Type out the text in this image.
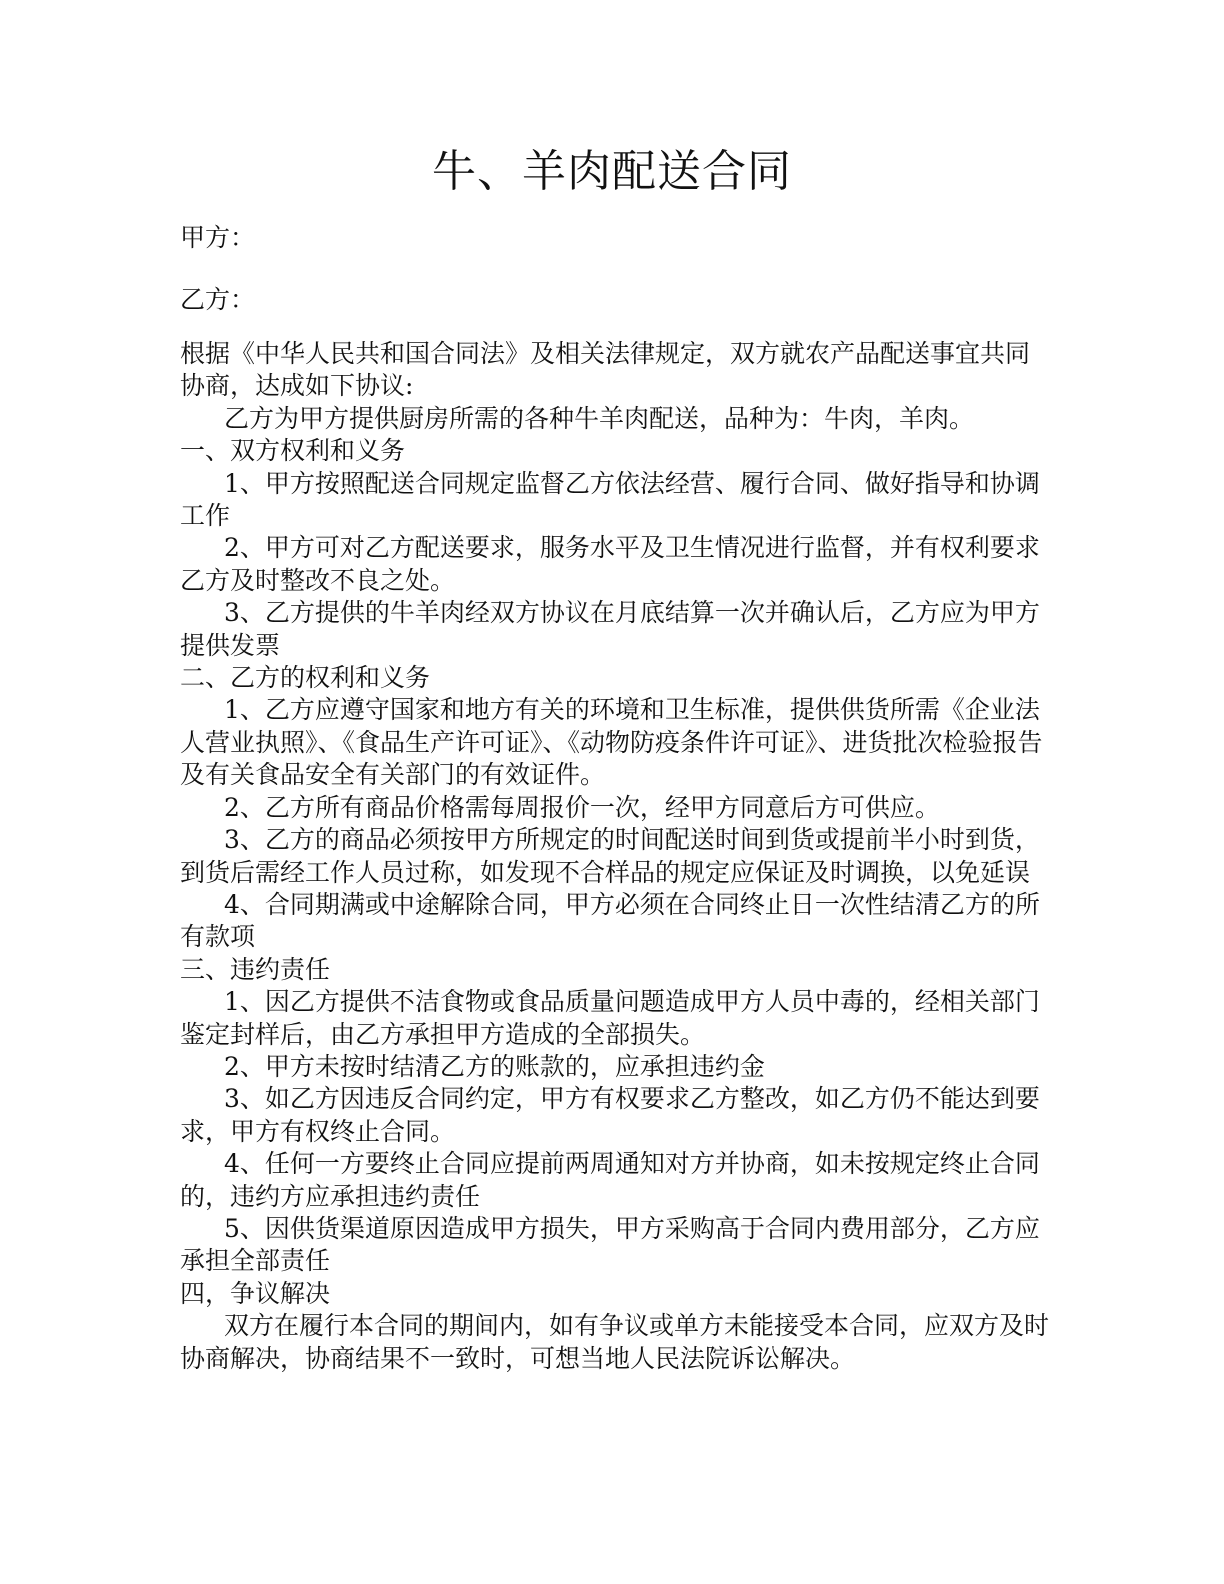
牛、羊肉配送合同
甲方：
乙方：

根据《中华人民共和国合同法》及相关法律规定，双方就农产品配送事宜共同协商，达成如下协议:

乙方为甲方提供厨房所需的各种牛羊肉配送，品种为：牛肉，羊肉。

一、双方权利和义务

1、甲方按照配送合同规定监督乙方依法经营、履行合同、做好指导和协调工作

2、甲方可对乙方配送要求，服务水平及卫生情况进行监督，并有权利要求乙方及时整改不良之处。

3、乙方提供的牛羊肉经双方协议在月底结算一次并确认后，乙方应为甲方提供发票

二、乙方的权利和义务

1、乙方应遵守国家和地方有关的环境和卫生标准，提供供货所需《企业法人营业执照》、《食品生产许可证》、《动物防疫条件许可证》、进货批次检验报告及有关食品安全有关部门的有效证件。

2、乙方所有商品价格需每周报价一次，经甲方同意后方可供应。

3、乙方的商品必须按甲方所规定的时间配送时间到货或提前半小时到货，到货后需经工作人员过称，如发现不合样品的规定应保证及时调换，以免延误

4、合同期满或中途解除合同，甲方必须在合同终止日一次性结清乙方的所有款项

三、违约责任

1、因乙方提供不洁食物或食品质量问题造成甲方人员中毒的，经相关部门鉴定封样后，由乙方承担甲方造成的全部损失。

2、甲方未按时结清乙方的账款的，应承担违约金

3、如乙方因违反合同约定，甲方有权要求乙方整改，如乙方仍不能达到要求，甲方有权终止合同。

4、任何一方要终止合同应提前两周通知对方并协商，如未按规定终止合同的，违约方应承担违约责任

5、因供货渠道原因造成甲方损失，甲方采购高于合同内费用部分，乙方应承担全部责任

四，争议解决

双方在履行本合同的期间内，如有争议或单方未能接受本合同，应双方及时协商解决，协商结果不一致时，可想当地人民法院诉讼解决。
